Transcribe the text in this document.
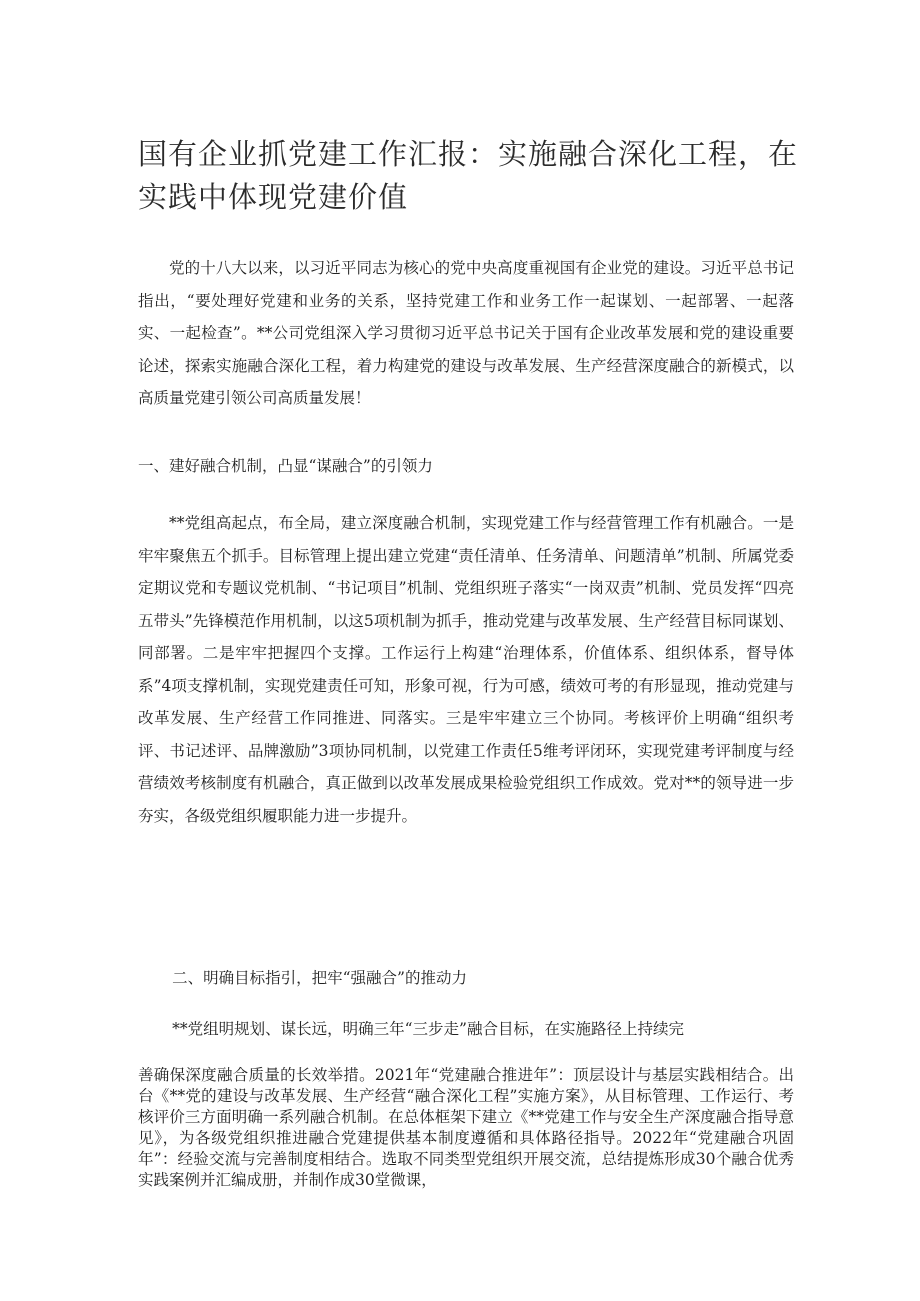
国有企业抓党建工作汇报：实施融合深化工程，在实践中体现党建价值

党的十八大以来，以习近平同志为核心的党中央高度重视国有企业党的建设。习近平总书记指出，“要处理好党建和业务的关系，坚持党建工作和业务工作一起谋划、一起部署、一起落实、一起检查”。**公司党组深入学习贯彻习近平总书记关于国有企业改革发展和党的建设重要论述，探索实施融合深化工程，着力构建党的建设与改革发展、生产经营深度融合的新模式，以高质量党建引领公司高质量发展！

一、建好融合机制，凸显“谋融合”的引领力

**党组高起点，布全局，建立深度融合机制，实现党建工作与经营管理工作有机融合。一是牢牢聚焦五个抓手。目标管理上提出建立党建“责任清单、任务清单、问题清单”机制、所属党委定期议党和专题议党机制、“书记项目”机制、党组织班子落实“一岗双责”机制、党员发挥“四亮五带头”先锋模范作用机制，以这5项机制为抓手，推动党建与改革发展、生产经营目标同谋划、同部署。二是牢牢把握四个支撑。工作运行上构建“治理体系，价值体系、组织体系，督导体系”4项支撑机制，实现党建责任可知，形象可视，行为可感，绩效可考的有形显现，推动党建与改革发展、生产经营工作同推进、同落实。三是牢牢建立三个协同。考核评价上明确“组织考评、书记述评、品牌激励”3项协同机制，以党建工作责任5维考评闭环，实现党建考评制度与经营绩效考核制度有机融合，真正做到以改革发展成果检验党组织工作成效。党对**的领导进一步夯实，各级党组织履职能力进一步提升。

二、明确目标指引，把牢“强融合”的推动力

**党组明规划、谋长远，明确三年“三步走”融合目标，在实施路径上持续完

善确保深度融合质量的长效举措。2021年“党建融合推进年”：顶层设计与基层实践相结合。出台《**党的建设与改革发展、生产经营“融合深化工程”实施方案》，从目标管理、工作运行、考核评价三方面明确一系列融合机制。在总体框架下建立《**党建工作与安全生产深度融合指导意见》，为各级党组织推进融合党建提供基本制度遵循和具体路径指导。2022年“党建融合巩固年”：经验交流与完善制度相结合。选取不同类型党组织开展交流，总结提炼形成30个融合优秀实践案例并汇编成册，并制作成30堂微课，
